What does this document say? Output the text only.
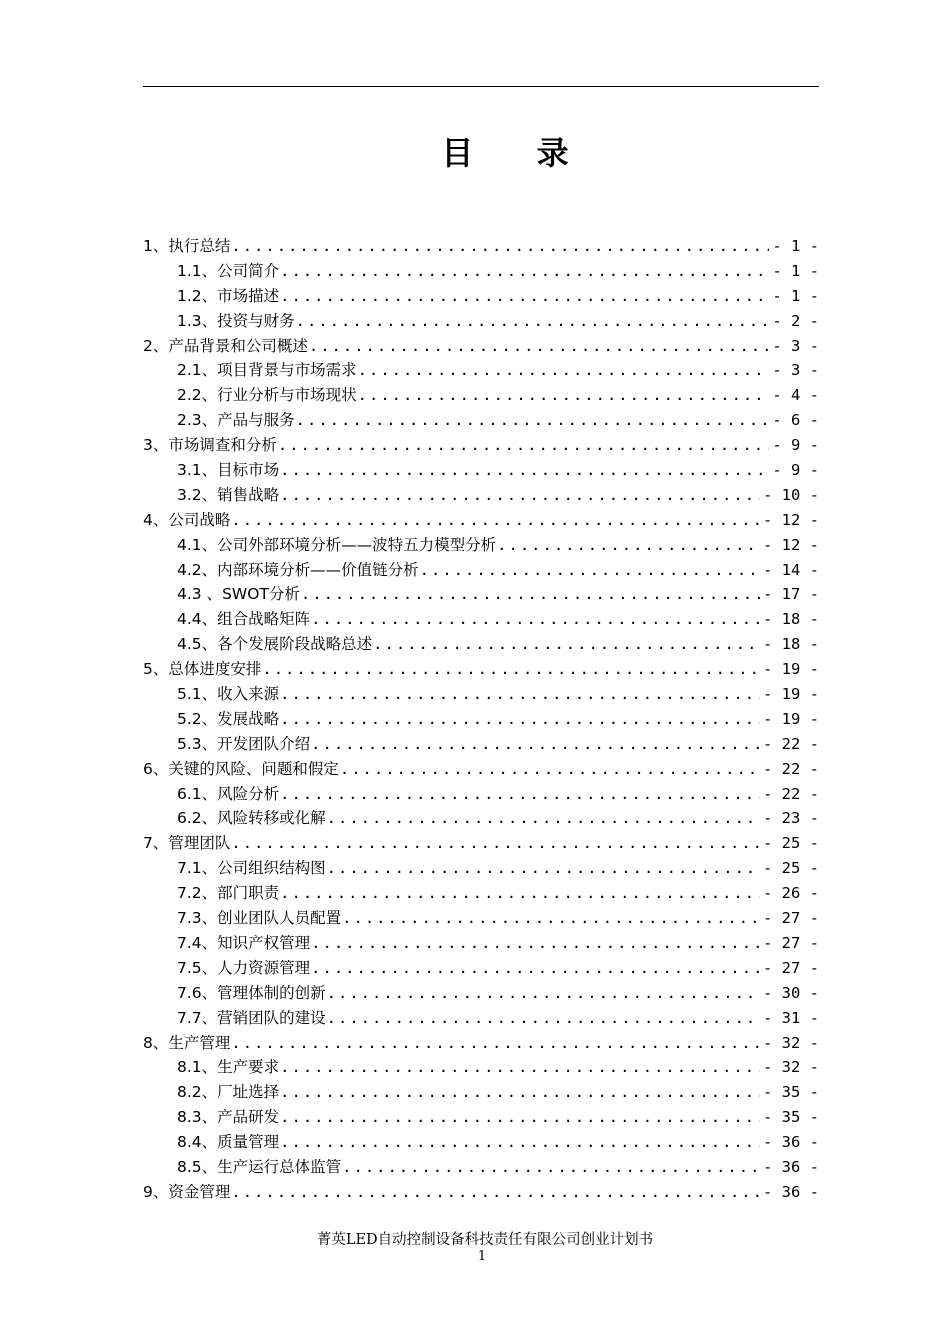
目 录
1、执行总结 .....	- 1 -
1.1、公司简介 .....	- 1 -
1.2、市场描述 .....	- 1 -
1.3、投资与财务 .....	- 2 -
2、产品背景和公司概述 .....	- 3 -
2.1、项目背景与市场需求 .....	- 3 -
2.2、行业分析与市场现状 .....	- 4 -
2.3、产品与服务 .....	- 6 -
3、市场调查和分析 .....	- 9 -
3.1、目标市场 .....	- 9 -
3.2、销售战略 .....	- 10 -
4、公司战略 .....	- 12 -
4.1、公司外部环境分析——波特五力模型分析 .....	- 12 -
4.2、内部环境分析——价值链分析 .....	- 14 -
4.3 、SWOT分析 .....	- 17 -
4.4、组合战略矩阵 .....	- 18 -
4.5、各个发展阶段战略总述 .....	- 18 -
5、总体进度安排 .....	- 19 -
5.1、收入来源 .....	- 19 -
5.2、发展战略 .....	- 19 -
5.3、开发团队介绍 .....	- 22 -
6、关键的风险、问题和假定 .....	- 22 -
6.1、风险分析 .....	- 22 -
6.2、风险转移或化解 .....	- 23 -
7、管理团队 .....	- 25 -
7.1、公司组织结构图 .....	- 25 -
7.2、部门职责 .....	- 26 -
7.3、创业团队人员配置 .....	- 27 -
7.4、知识产权管理 .....	- 27 -
7.5、人力资源管理 .....	- 27 -
7.6、管理体制的创新 .....	- 30 -
7.7、营销团队的建设 .....	- 31 -
8、生产管理 .....	- 32 -
8.1、生产要求 .....	- 32 -
8.2、厂址选择 .....	- 35 -
8.3、产品研发 .....	- 35 -
8.4、质量管理 .....	- 36 -
8.5、生产运行总体监管 .....	- 36 -
9、资金管理 .....	- 36 -
菁英LED自动控制设备科技责任有限公司创业计划书
1
